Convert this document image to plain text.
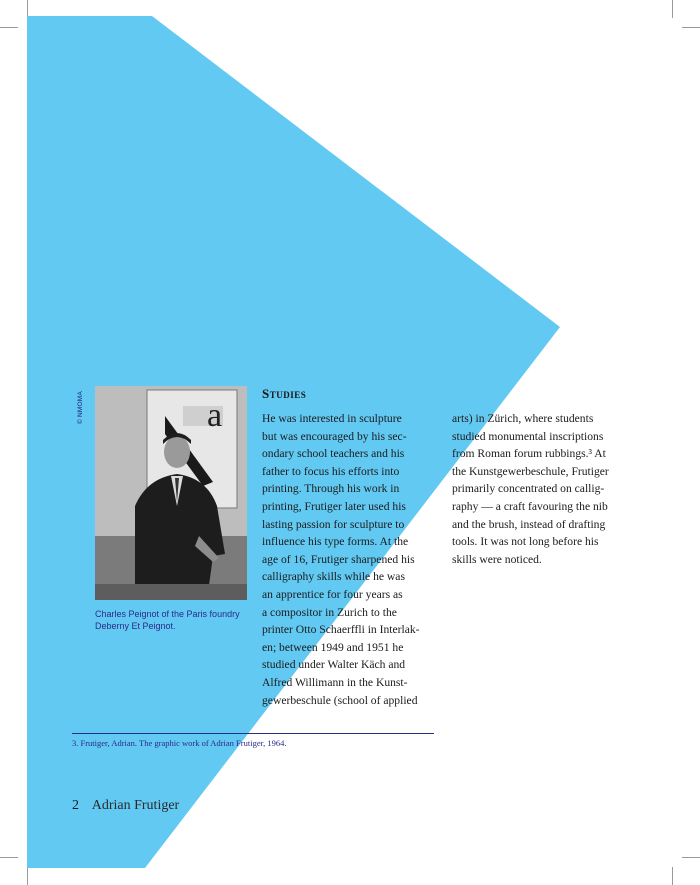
a
© NMOMA
Charles Peignot of the Paris foundry
Deberny Et Peignot.
Studies
He was interested in sculpture
but was encouraged by his sec-
ondary school teachers and his
father to focus his efforts into
printing. Through his work in
printing, Frutiger later used his
lasting passion for sculpture to
influence his type forms. At the
age of 16, Frutiger sharpened his
calligraphy skills while he was
an apprentice for four years as
a compositor in Zurich to the
printer Otto Schaerffli in Interlak-
en; between 1949 and 1951 he
studied under Walter Käch and
Alfred Willimann in the Kunst-
gewerbeschule (school of applied
arts) in Zürich, where students
studied monumental inscriptions
from Roman forum rubbings.³ At
the Kunstgewerbeschule, Frutiger
primarily concentrated on callig-
raphy — a craft favouring the nib
and the brush, instead of drafting
tools. It was not long before his
skills were noticed.
3. Frutiger, Adrian. The graphic work of Adrian Frutiger, 1964.
2 Adrian Frutiger
